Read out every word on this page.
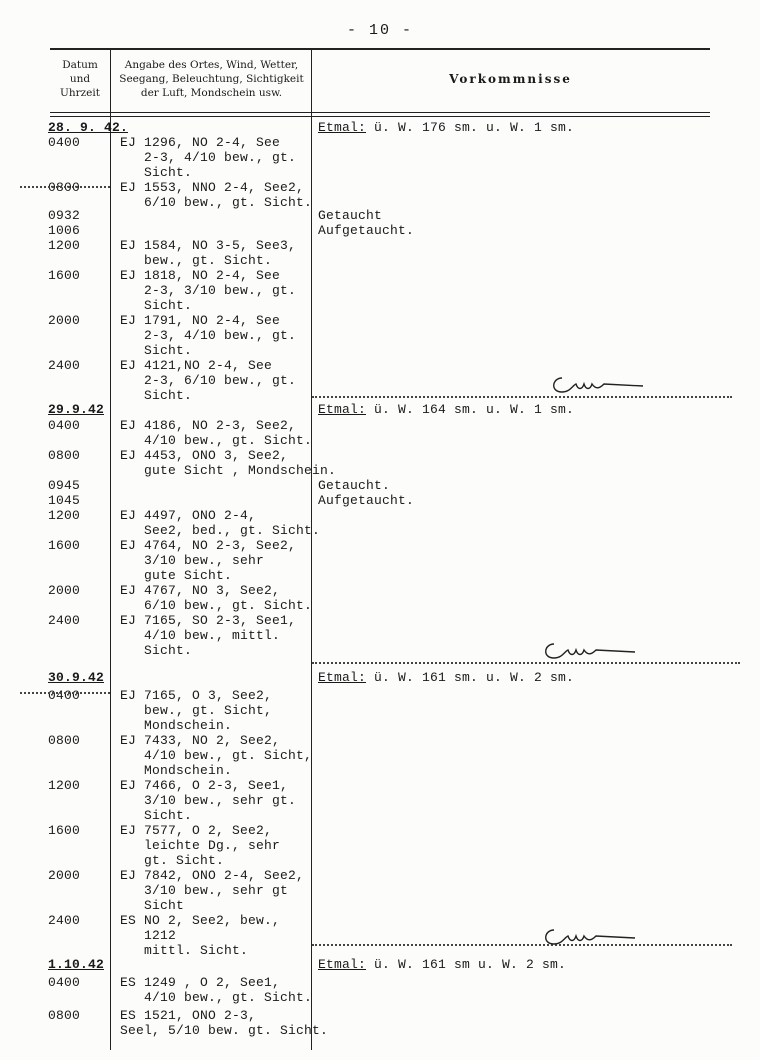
- 10 -
Datum
und
Uhrzeit
Angabe des Ortes, Wind, Wetter,
Seegang, Beleuchtung, Sichtigkeit
der Luft, Mondschein usw.
Vorkommnisse
28. 9. 42.	Etmal: ü. W. 176 sm. u. W. 1 sm.
0400	EJ 1296, NO 2-4, See
2-3, 4/10 bew., gt.
Sicht.
0800	EJ 1553, NNO 2-4, See2,
6/10 bew., gt. Sicht.
0932	Getaucht
1006	Aufgetaucht.
1200	EJ 1584, NO 3-5, See3,
bew., gt. Sicht.
1600	EJ 1818, NO 2-4, See
2-3, 3/10 bew., gt.
Sicht.
2000	EJ 1791, NO 2-4, See
2-3, 4/10 bew., gt.
Sicht.
2400	EJ 4121,NO 2-4, See
2-3, 6/10 bew., gt.
Sicht.
29.9.42	Etmal: ü. W. 164 sm. u. W. 1 sm.
0400	EJ 4186, NO 2-3, See2,
4/10 bew., gt. Sicht.
0800	EJ 4453, ONO 3, See2,
gute Sicht , Mondschein.
0945	Getaucht.
1045	Aufgetaucht.
1200	EJ 4497, ONO 2-4,
See2, bed., gt. Sicht.
1600	EJ 4764, NO 2-3, See2,
3/10 bew., sehr
gute Sicht.
2000	EJ 4767, NO 3, See2,
6/10 bew., gt. Sicht.
2400	EJ 7165, SO 2-3, See1,
4/10 bew., mittl.
Sicht.
30.9.42	Etmal: ü. W. 161 sm. u. W. 2 sm.
0400	EJ 7165, O 3, See2,
bew., gt. Sicht,
Mondschein.
0800	EJ 7433, NO 2, See2,
4/10 bew., gt. Sicht,
Mondschein.
1200	EJ 7466, O 2-3, See1,
3/10 bew., sehr gt.
Sicht.
1600	EJ 7577, O 2, See2,
leichte Dg., sehr
gt. Sicht.
2000	EJ 7842, ONO 2-4, See2,
3/10 bew., sehr gt
Sicht
2400	ES NO 2, See2, bew.,
1212
mittl. Sicht.
1.10.42	Etmal: ü. W. 161 sm u. W. 2 sm.
0400	ES 1249 , O 2, See1,
4/10 bew., gt. Sicht.
0800	ES 1521, ONO 2-3,
Seel, 5/10 bew. gt. Sicht.
